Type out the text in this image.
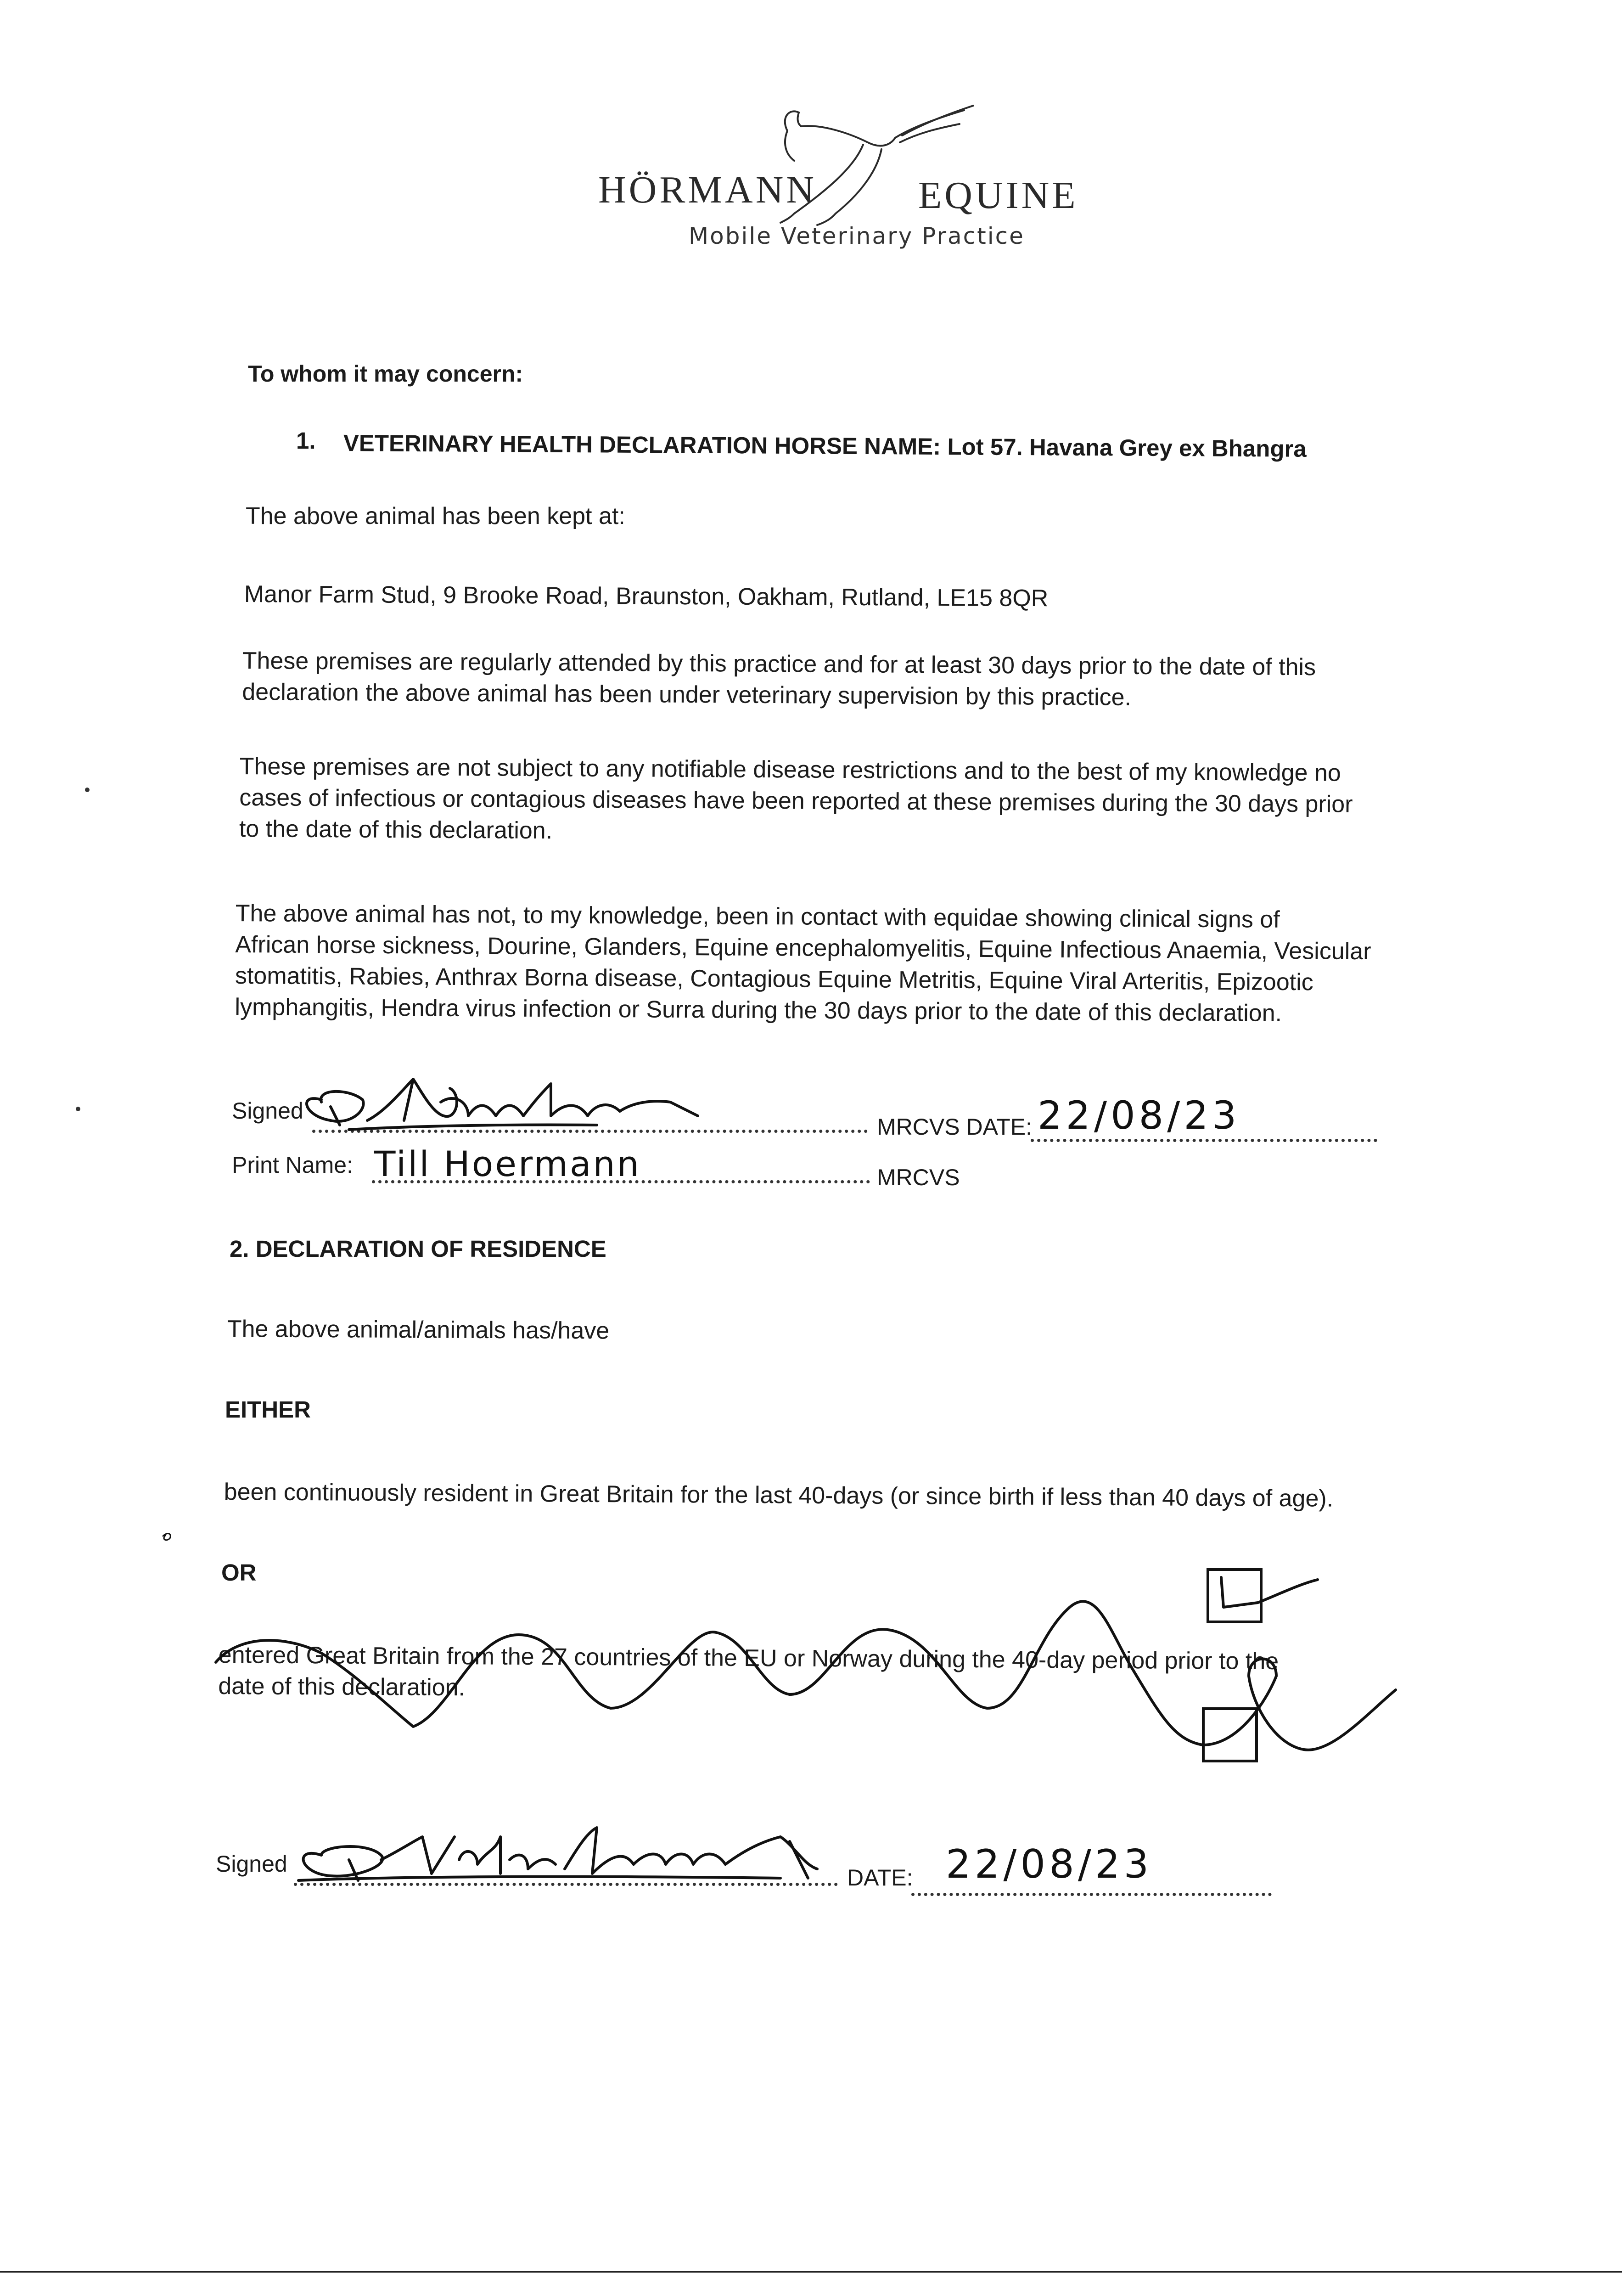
HÖRMANN	EQUINE
Mobile Veterinary Practice
To whom it may concern:
1. VETERINARY HEALTH DECLARATION HORSE NAME: Lot 57. Havana Grey ex Bhangra
The above animal has been kept at:
Manor Farm Stud, 9 Brooke Road, Braunston, Oakham, Rutland, LE15 8QR
These premises are regularly attended by this practice and for at least 30 days prior to the date of this
declaration the above animal has been under veterinary supervision by this practice.
These premises are not subject to any notifiable disease restrictions and to the best of my knowledge no
cases of infectious or contagious diseases have been reported at these premises during the 30 days prior
to the date of this declaration.
The above animal has not, to my knowledge, been in contact with equidae showing clinical signs of
African horse sickness, Dourine, Glanders, Equine encephalomyelitis, Equine Infectious Anaemia, Vesicular
stomatitis, Rabies, Anthrax Borna disease, Contagious Equine Metritis, Equine Viral Arteritis, Epizootic
lymphangitis, Hendra virus infection or Surra during the 30 days prior to the date of this declaration.
Signed
MRCVS DATE: 22/08/23
Print Name: Till Hoermann	MRCVS
2. DECLARATION OF RESIDENCE
The above animal/animals has/have
EITHER
been continuously resident in Great Britain for the last 40-days (or since birth if less than 40 days of age).
OR
entered Great Britain from the 27 countries of the EU or Norway during the 40-day period prior to the
date of this declaration.
Signed
DATE: 22/08/23
